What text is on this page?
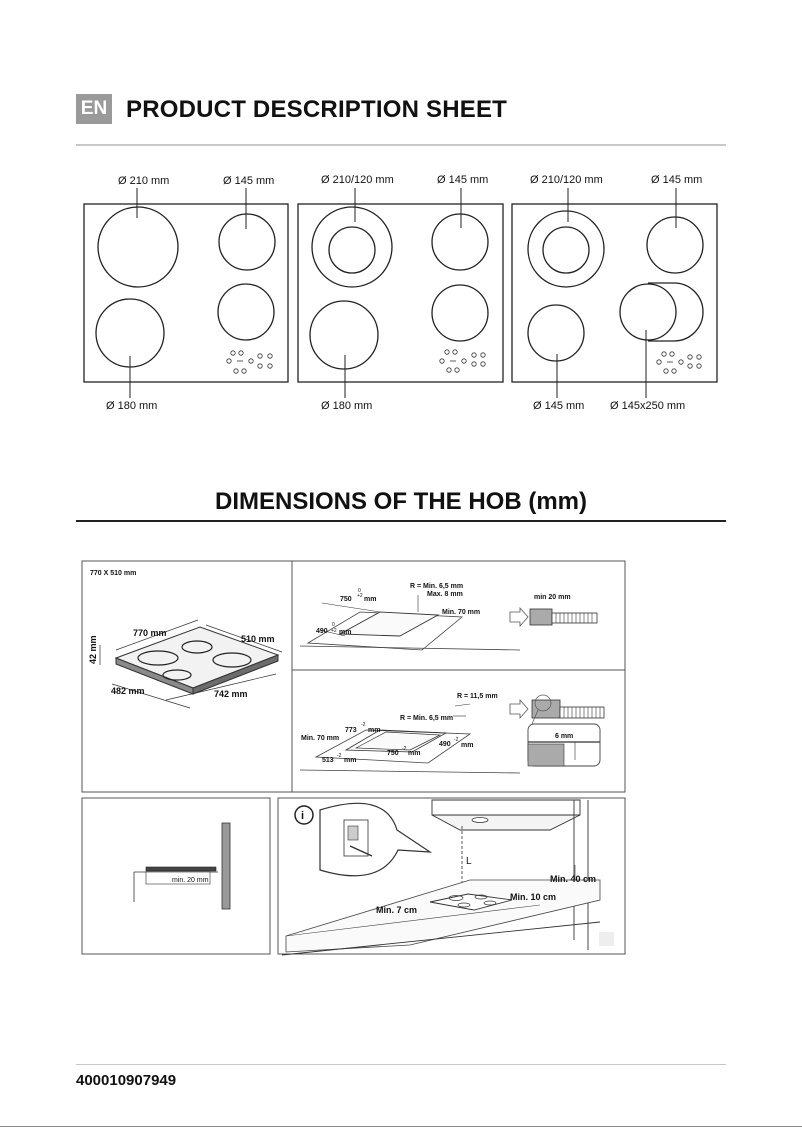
EN PRODUCT DESCRIPTION SHEET
Ø 210 mm	Ø 145 mm
Ø 180 mm
Ø 210/120 mm	Ø 145 mm
Ø 180 mm
Ø 210/120 mm	Ø 145 mm
Ø 145 mm Ø 145x250 mm
DIMENSIONS OF THE HOB (mm)
770 X 510 mm
770 mm
510 mm
42 mm
482 mm	742 mm
R = Min. 6,5 mm
Max. 8 mm
Min. 70 mm
750 +2
0
mm
490 +2
0
mm
min 20 mm
R = 11,5 mm
R = Min. 6,5 mm
Min. 70 mm
773
-2
mm
750
-2
mm
490
-2
mm
513
-2
mm
6 mm
min. 20 mm
i
L
Min. 40 cm
Min. 10 cm
Min. 7 cm
400010907949
